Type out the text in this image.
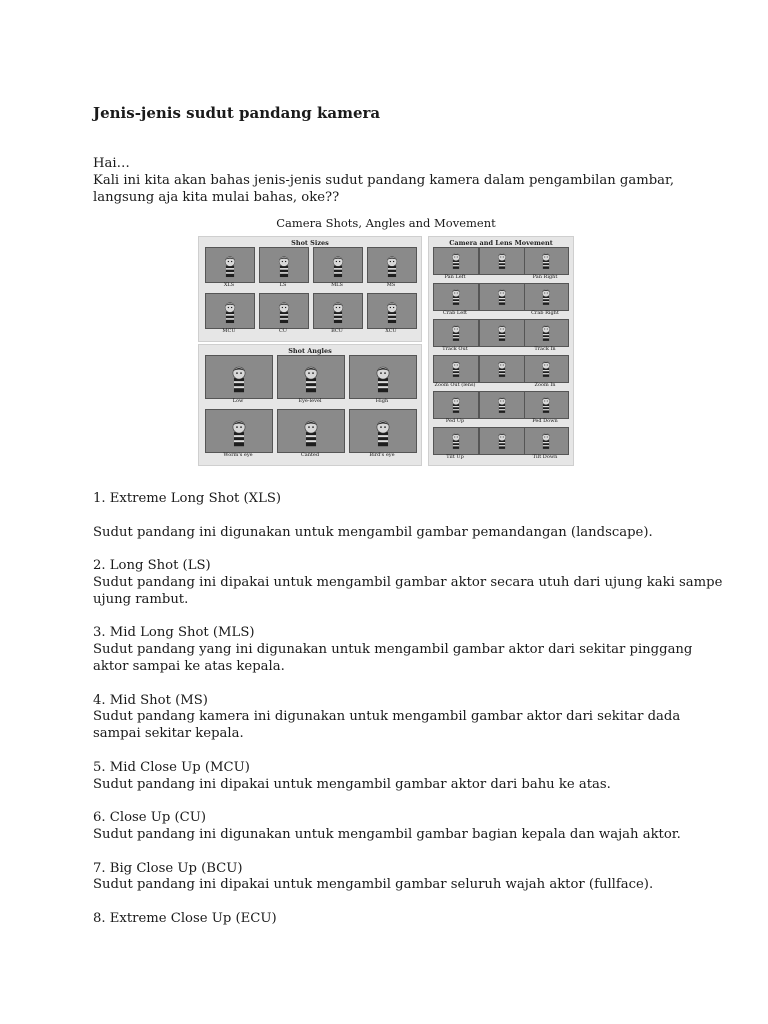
Jenis-jenis sudut pandang kamera
Hai…
Kali ini kita akan bahas jenis-jenis sudut pandang kamera dalam pengambilan gambar,
langsung aja kita mulai bahas, oke??
Camera Shots, Angles and Movement
Shot Sizes
XLS	LS	MLS	MS
MCU	CU	BCU	XCU
Shot Angles
Low	Eye-level	High
Worm's eye	Canted	Bird's eye
Camera and Lens Movement
Pan Left	Pan Right
Crab Left	Crab Right
Track Out	Track In
Zoom Out (lens)	Zoom In
Ped Up	Ped Down
Tilt Up	Tilt Down
1. Extreme Long Shot (XLS)
Sudut pandang ini digunakan untuk mengambil gambar pemandangan (landscape).
2. Long Shot (LS)
Sudut pandang ini dipakai untuk mengambil gambar aktor secara utuh dari ujung kaki sampe
ujung rambut.
3. Mid Long Shot (MLS)
Sudut pandang yang ini digunakan untuk mengambil gambar aktor dari sekitar pinggang
aktor sampai ke atas kepala.
4. Mid Shot (MS)
Sudut pandang kamera ini digunakan untuk mengambil gambar aktor dari sekitar dada
sampai sekitar kepala.
5. Mid Close Up (MCU)
Sudut pandang ini dipakai untuk mengambil gambar aktor dari bahu ke atas.
6. Close Up (CU)
Sudut pandang ini digunakan untuk mengambil gambar bagian kepala dan wajah aktor.
7. Big Close Up (BCU)
Sudut pandang ini dipakai untuk mengambil gambar seluruh wajah aktor (fullface).
8. Extreme Close Up (ECU)
